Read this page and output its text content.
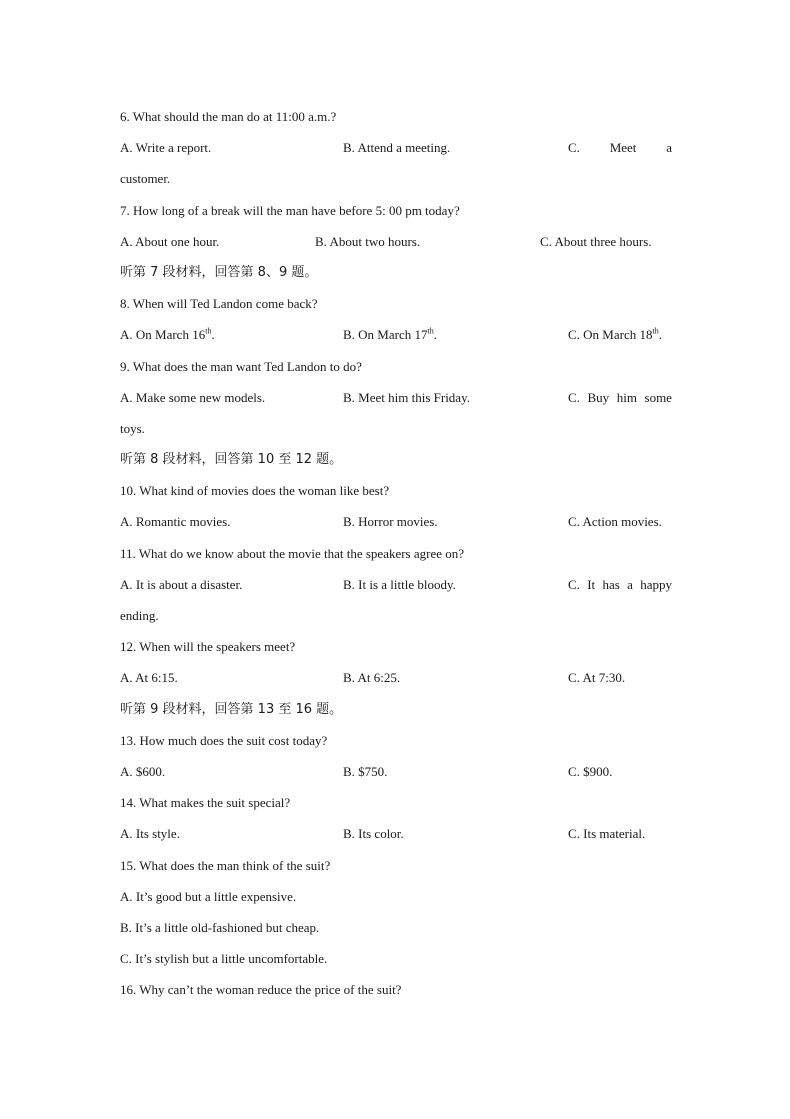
6. What should the man do at 11:00 a.m.?
A. Write a report.	B. Attend a meeting.	C. Meet a
customer.
7. How long of a break will the man have before 5: 00 pm today?
A. About one hour.	B. About two hours.	C. About three hours.
听第 7 段材料，回答第 8、9 题。
8. When will Ted Landon come back?
A. On March 16th.	B. On March 17th.	C. On March 18th.
9. What does the man want Ted Landon to do?
A. Make some new models.	B. Meet him this Friday.	C. Buy him some
toys.
听第 8 段材料，回答第 10 至 12 题。
10. What kind of movies does the woman like best?
A. Romantic movies.	B. Horror movies.	C. Action movies.
11. What do we know about the movie that the speakers agree on?
A. It is about a disaster.	B. It is a little bloody.	C. It has a happy
ending.
12. When will the speakers meet?
A. At 6:15.	B. At 6:25.	C. At 7:30.
听第 9 段材料，回答第 13 至 16 题。
13. How much does the suit cost today?
A. $600.	B. $750.	C. $900.
14. What makes the suit special?
A. Its style.	B. Its color.	C. Its material.
15. What does the man think of the suit?
A. It’s good but a little expensive.
B. It’s a little old-fashioned but cheap.
C. It’s stylish but a little uncomfortable.
16. Why can’t the woman reduce the price of the suit?
